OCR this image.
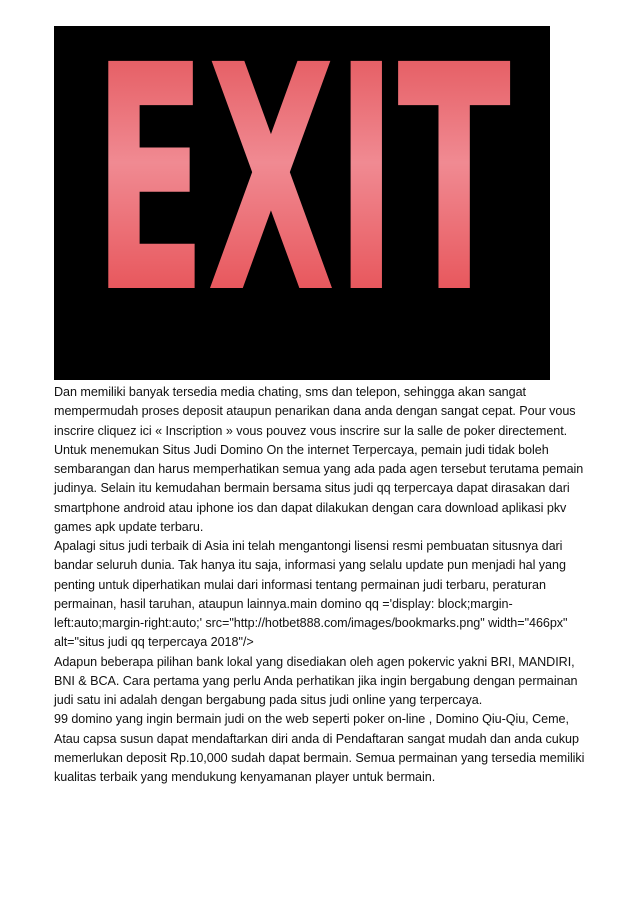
EXIT

Dan memiliki banyak tersedia media chating, sms dan telepon, sehingga akan sangat mempermudah proses deposit ataupun penarikan dana anda dengan sangat cepat. Pour vous inscrire cliquez ici « Inscription » vous pouvez vous inscrire sur la salle de poker directement.

Untuk menemukan Situs Judi Domino On the internet Terpercaya, pemain judi tidak boleh sembarangan dan harus memperhatikan semua yang ada pada agen tersebut terutama pemain judinya. Selain itu kemudahan bermain bersama situs judi qq terpercaya dapat dirasakan dari smartphone android atau iphone ios dan dapat dilakukan dengan cara download aplikasi pkv games apk update terbaru.

Apalagi situs judi terbaik di Asia ini telah mengantongi lisensi resmi pembuatan situsnya dari bandar seluruh dunia. Tak hanya itu saja, informasi yang selalu update pun menjadi hal yang penting untuk diperhatikan mulai dari informasi tentang permainan judi terbaru, peraturan permainan, hasil taruhan, ataupun lainnya.main domino qq ='display: block;margin-left:auto;margin-right:auto;' src="http://hotbet888.com/images/bookmarks.png" width="466px" alt="situs judi qq terpercaya 2018"/>

Adapun beberapa pilihan bank lokal yang disediakan oleh agen pokervic yakni BRI, MANDIRI, BNI & BCA. Cara pertama yang perlu Anda perhatikan jika ingin bergabung dengan permainan judi satu ini adalah dengan bergabung pada situs judi online yang terpercaya.

99 domino yang ingin bermain judi on the web seperti poker on-line , Domino Qiu-Qiu, Ceme, Atau capsa susun dapat mendaftarkan diri anda di Pendaftaran sangat mudah dan anda cukup memerlukan deposit Rp.10,000 sudah dapat bermain. Semua permainan yang tersedia memiliki kualitas terbaik yang mendukung kenyamanan player untuk bermain.
